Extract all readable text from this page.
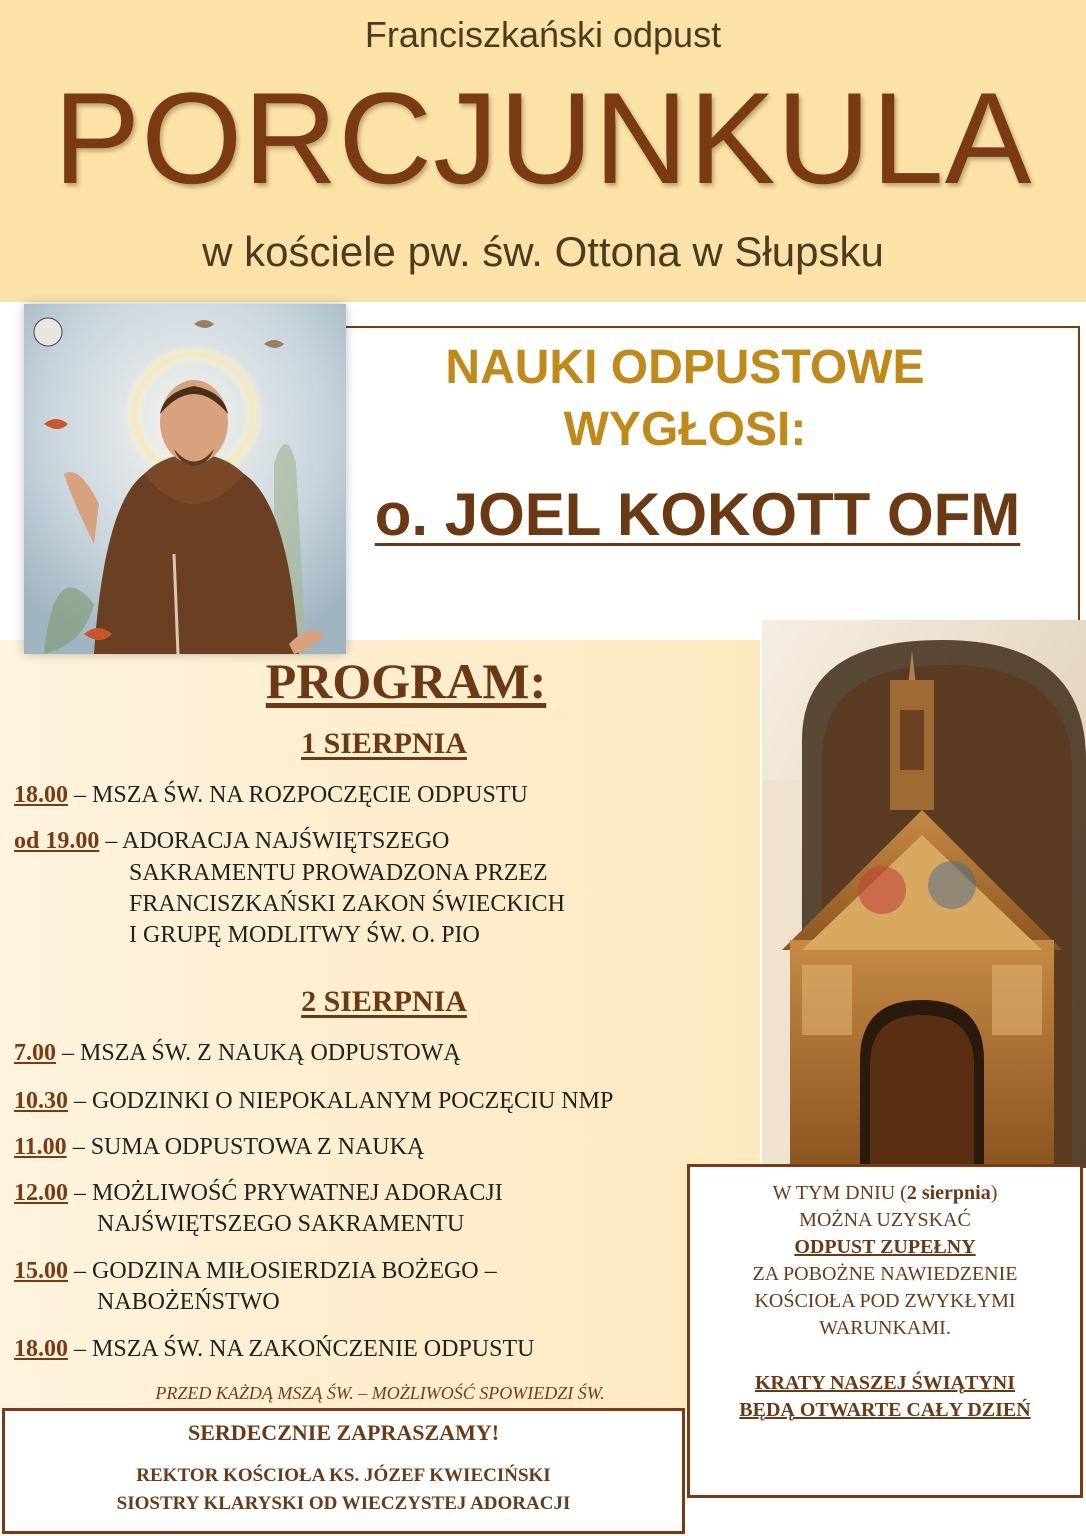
Franciszkański odpust
PORCJUNKULA
w kościele pw. św. Ottona w Słupsku
NAUKI ODPUSTOWE
WYGŁOSI:
o. JOEL KOKOTT OFM
PROGRAM:
1 SIERPNIA
18.00 – MSZA ŚW. NA ROZPOCZĘCIE ODPUSTU
od 19.00 – ADORACJA NAJŚWIĘTSZEGO
SAKRAMENTU PROWADZONA PRZEZ
FRANCISZKAŃSKI ZAKON ŚWIECKICH
I GRUPĘ MODLITWY ŚW. O. PIO
2 SIERPNIA
7.00 – MSZA ŚW. Z NAUKĄ ODPUSTOWĄ
10.30 – GODZINKI O NIEPOKALANYM POCZĘCIU NMP
11.00 – SUMA ODPUSTOWA Z NAUKĄ
12.00 – MOŻLIWOŚĆ PRYWATNEJ ADORACJI
NAJŚWIĘTSZEGO SAKRAMENTU
15.00 – GODZINA MIŁOSIERDZIA BOŻEGO –
NABOŻEŃSTWO
18.00 – MSZA ŚW. NA ZAKOŃCZENIE ODPUSTU
PRZED KAŻDĄ MSZĄ ŚW. – MOŻLIWOŚĆ SPOWIEDZI ŚW.
W TYM DNIU (2 sierpnia)
MOŻNA UZYSKAĆ
ODPUST ZUPEŁNY
ZA POBOŻNE NAWIEDZENIE
KOŚCIOŁA POD ZWYKŁYMI
WARUNKAMI.
KRATY NASZEJ ŚWIĄTYNI
BĘDĄ OTWARTE CAŁY DZIEŃ
SERDECZNIE ZAPRASZAMY!
REKTOR KOŚCIOŁA KS. JÓZEF KWIECIŃSKI
SIOSTRY KLARYSKI OD WIECZYSTEJ ADORACJI
